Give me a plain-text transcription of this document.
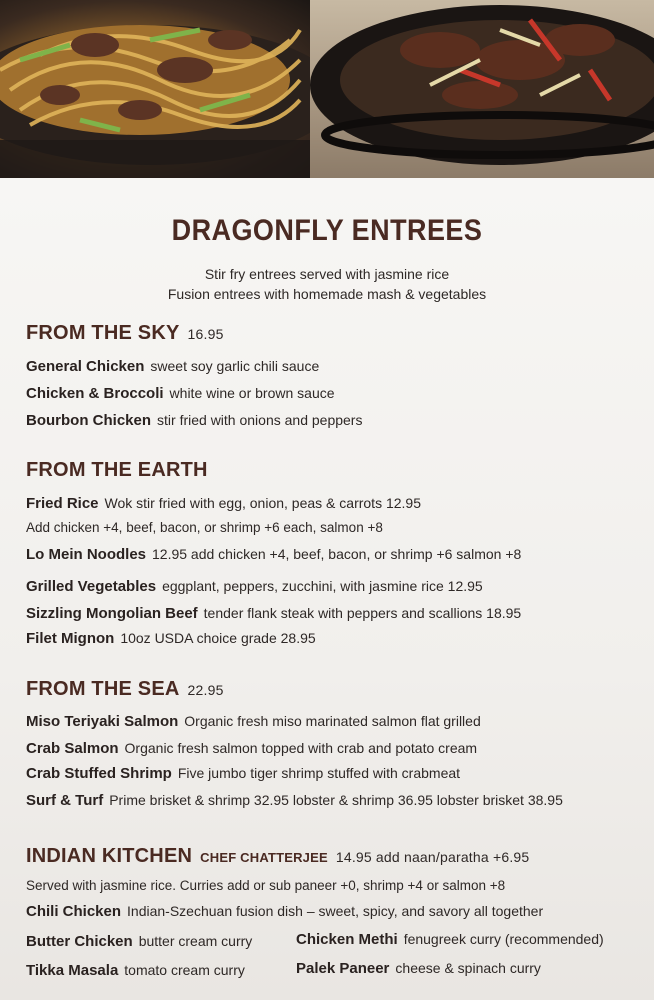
DRAGONFLY ENTREES
Stir fry entrees served with jasmine rice
Fusion entrees with homemade mash & vegetables
FROM THE SKY 16.95
General Chicken sweet soy garlic chili sauce
Chicken & Broccoli white wine or brown sauce
Bourbon Chicken stir fried with onions and peppers
FROM THE EARTH
Fried Rice Wok stir fried with egg, onion, peas & carrots 12.95
Add chicken +4, beef, bacon, or shrimp +6 each, salmon +8
Lo Mein Noodles 12.95 add chicken +4, beef, bacon, or shrimp +6 salmon +8
Grilled Vegetables eggplant, peppers, zucchini, with jasmine rice 12.95
Sizzling Mongolian Beef tender flank steak with peppers and scallions 18.95
Filet Mignon 10oz USDA choice grade 28.95
FROM THE SEA 22.95
Miso Teriyaki Salmon Organic fresh miso marinated salmon flat grilled
Crab Salmon Organic fresh salmon topped with crab and potato cream
Crab Stuffed Shrimp Five jumbo tiger shrimp stuffed with crabmeat
Surf & Turf Prime brisket & shrimp 32.95 lobster & shrimp 36.95 lobster brisket 38.95
INDIAN KITCHEN CHEF CHATTERJEE 14.95 add naan/paratha +6.95
Served with jasmine rice. Curries add or sub paneer +0, shrimp +4 or salmon +8
Chili Chicken Indian-Szechuan fusion dish – sweet, spicy, and savory all together
Butter Chicken butter cream curry	Chicken Methi fenugreek curry (recommended)
Tikka Masala tomato cream curry	Palek Paneer cheese & spinach curry
